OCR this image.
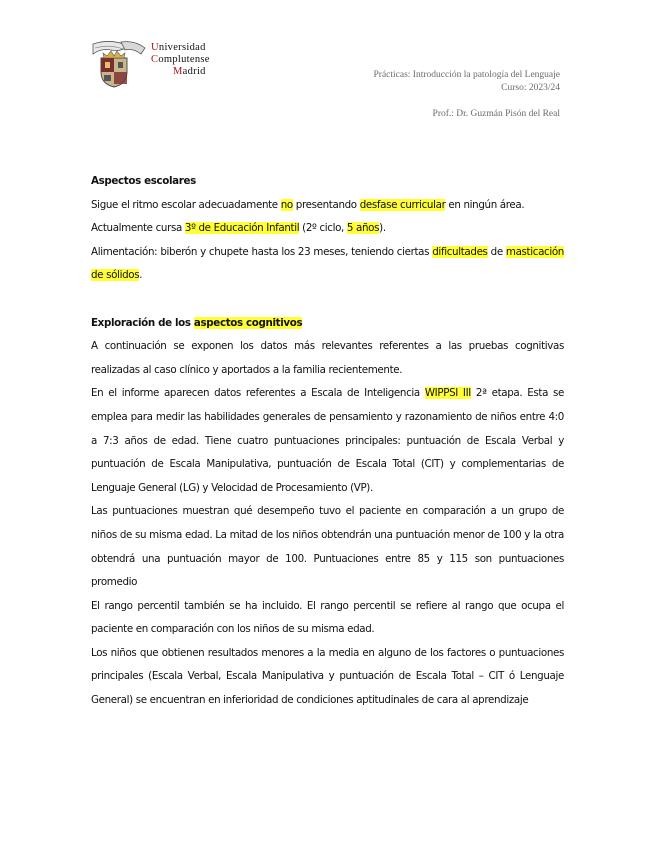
Universidad
Complutense
Madrid	Prácticas: Introducción la patología del Lenguaje
Curso: 2023/24
Prof.: Dr. Guzmán Pisón del Real

Aspectos escolares

Sigue el ritmo escolar adecuadamente no presentando desfase curricular en ningún área.

Actualmente cursa 3º de Educación Infantil (2º ciclo, 5 años).

Alimentación: biberón y chupete hasta los 23 meses, teniendo ciertas dificultades de masticación de sólidos.

Exploración de los aspectos cognitivos

A continuación se exponen los datos más relevantes referentes a las pruebas cognitivas realizadas al caso clínico y aportados a la familia recientemente.

En el informe aparecen datos referentes a Escala de Inteligencia WIPPSI III 2ª etapa. Esta se emplea para medir las habilidades generales de pensamiento y razonamiento de niños entre 4:0 a 7:3 años de edad. Tiene cuatro puntuaciones principales: puntuación de Escala Verbal y puntuación de Escala Manipulativa, puntuación de Escala Total (CIT) y complementarias de Lenguaje General (LG) y Velocidad de Procesamiento (VP).

Las puntuaciones muestran qué desempeño tuvo el paciente en comparación a un grupo de niños de su misma edad. La mitad de los niños obtendrán una puntuación menor de 100 y la otra obtendrá una puntuación mayor de 100. Puntuaciones entre 85 y 115 son puntuaciones promedio

El rango percentil también se ha incluido. El rango percentil se refiere al rango que ocupa el paciente en comparación con los niños de su misma edad.

Los niños que obtienen resultados menores a la media en alguno de los factores o puntuaciones principales (Escala Verbal, Escala Manipulativa y puntuación de Escala Total – CIT ó Lenguaje General) se encuentran en inferioridad de condiciones aptitudinales de cara al aprendizaje
